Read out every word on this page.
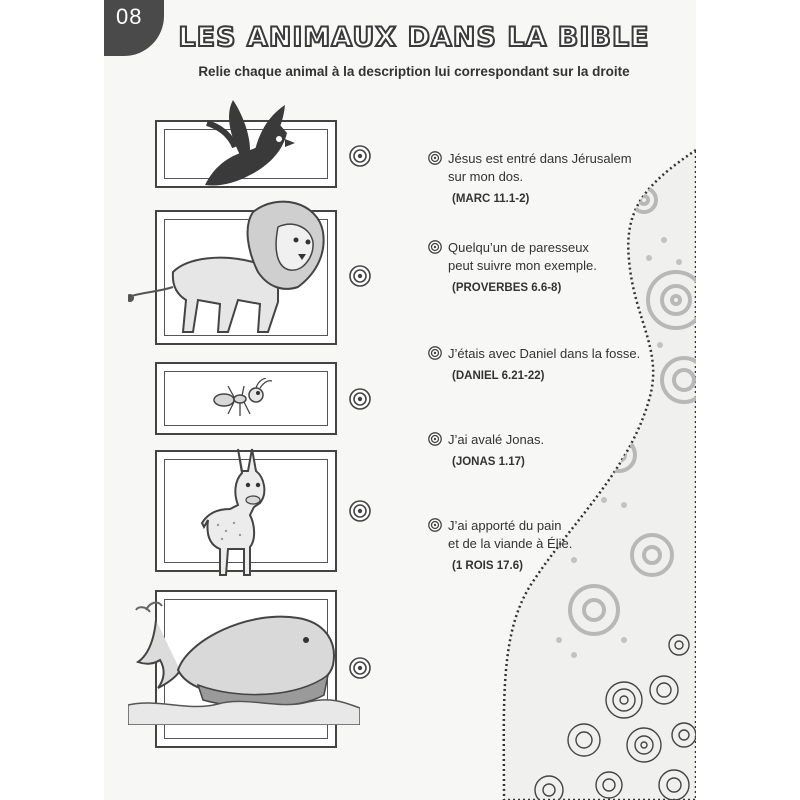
08
LES ANIMAUX DANS LA BIBLE
Relie chaque animal à la description lui correspondant sur la droite
Jésus est entré dans Jérusalem
sur mon dos.
(MARC 11.1-2)
Quelqu’un de paresseux
peut suivre mon exemple.
(PROVERBES 6.6-8)
J’étais avec Daniel dans la fosse.
(DANIEL 6.21-22)
J’ai avalé Jonas.
(JONAS 1.17)
J’ai apporté du pain
et de la viande à Élie.
(1 ROIS 17.6)
